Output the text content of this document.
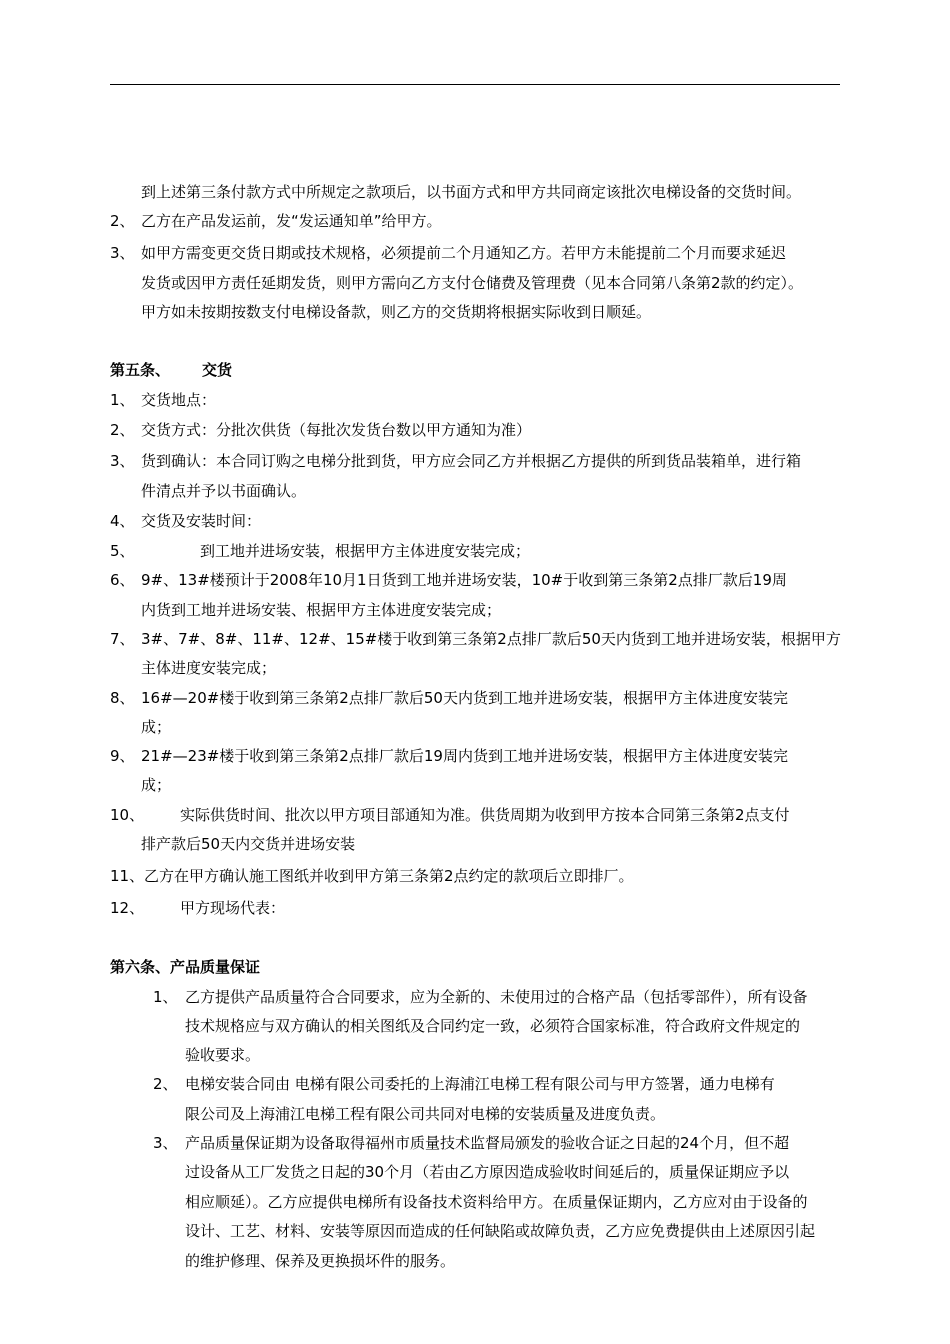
到上述第三条付款方式中所规定之款项后，以书面方式和甲方共同商定该批次电梯设备的交货时间。
2、 乙方在产品发运前，发“发运通知单”给甲方。
3、 如甲方需变更交货日期或技术规格，必须提前二个月通知乙方。若甲方未能提前二个月而要求延迟
发货或因甲方责任延期发货，则甲方需向乙方支付仓储费及管理费（见本合同第八条第2款的约定）。
甲方如未按期按数支付电梯设备款，则乙方的交货期将根据实际收到日顺延。
第五条、 交货
1、 交货地点：
2、 交货方式：分批次供货（每批次发货台数以甲方通知为准）
3、 货到确认：本合同订购之电梯分批到货，甲方应会同乙方并根据乙方提供的所到货品装箱单，进行箱
件清点并予以书面确认。
4、 交货及安装时间：
5、	到工地并进场安装，根据甲方主体进度安装完成；
6、 9#、13#楼预计于2008年10月1日货到工地并进场安装，10#于收到第三条第2点排厂款后19周
内货到工地并进场安装、根据甲方主体进度安装完成；
7、 3#、7#、8#、11#、12#、15#楼于收到第三条第2点排厂款后50天内货到工地并进场安装，根据甲方
主体进度安装完成；
8、 16#—20#楼于收到第三条第2点排厂款后50天内货到工地并进场安装，根据甲方主体进度安装完
成；
9、 21#—23#楼于收到第三条第2点排厂款后19周内货到工地并进场安装，根据甲方主体进度安装完
成；
10、 实际供货时间、批次以甲方项目部通知为准。供货周期为收到甲方按本合同第三条第2点支付
排产款后50天内交货并进场安装
11、 乙方在甲方确认施工图纸并收到甲方第三条第2点约定的款项后立即排厂。
12、 甲方现场代表：
第六条、产品质量保证
1、 乙方提供产品质量符合合同要求，应为全新的、未使用过的合格产品（包括零部件），所有设备
技术规格应与双方确认的相关图纸及合同约定一致，必须符合国家标准，符合政府文件规定的
验收要求。
2、 电梯安装合同由 电梯有限公司委托的上海浦江电梯工程有限公司与甲方签署，通力电梯有
限公司及上海浦江电梯工程有限公司共同对电梯的安装质量及进度负责。
3、 产品质量保证期为设备取得福州市质量技术监督局颁发的验收合证之日起的24个月，但不超
过设备从工厂发货之日起的30个月（若由乙方原因造成验收时间延后的，质量保证期应予以
相应顺延）。乙方应提供电梯所有设备技术资料给甲方。在质量保证期内，乙方应对由于设备的
设计、工艺、材料、安装等原因而造成的任何缺陷或故障负责，乙方应免费提供由上述原因引起
的维护修理、保养及更换损坏件的服务。
